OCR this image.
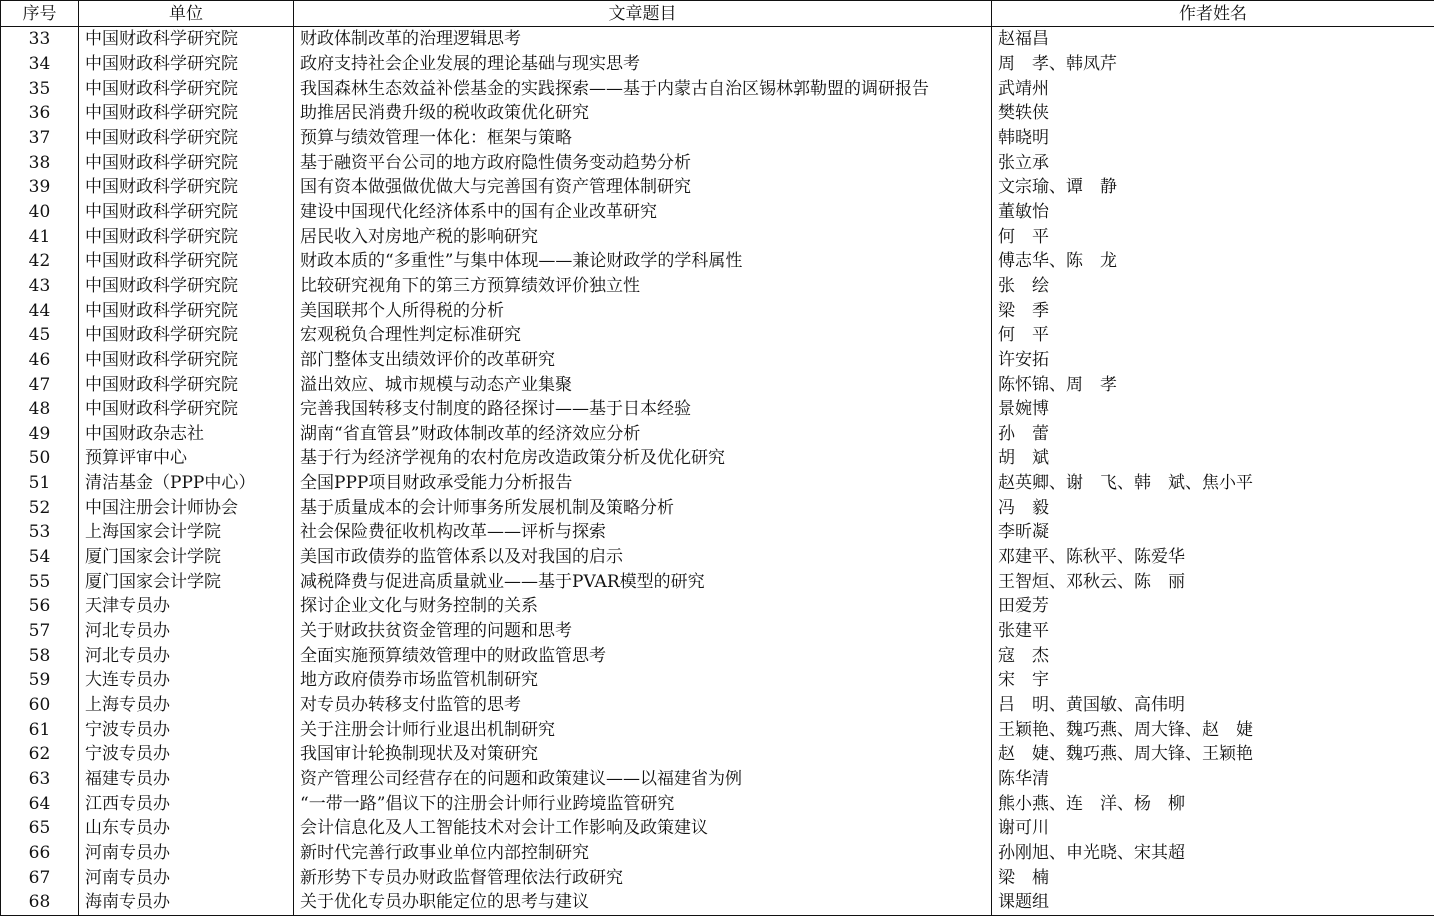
序号	单位	文章题目	作者姓名
33	中国财政科学研究院	财政体制改革的治理逻辑思考	赵福昌
34	中国财政科学研究院	政府支持社会企业发展的理论基础与现实思考	周　孝、韩凤芹
35	中国财政科学研究院	我国森林生态效益补偿基金的实践探索——基于内蒙古自治区锡林郭勒盟的调研报告	武靖州
36	中国财政科学研究院	助推居民消费升级的税收政策优化研究	樊轶侠
37	中国财政科学研究院	预算与绩效管理一体化：框架与策略	韩晓明
38	中国财政科学研究院	基于融资平台公司的地方政府隐性债务变动趋势分析	张立承
39	中国财政科学研究院	国有资本做强做优做大与完善国有资产管理体制研究	文宗瑜、谭　静
40	中国财政科学研究院	建设中国现代化经济体系中的国有企业改革研究	董敏怡
41	中国财政科学研究院	居民收入对房地产税的影响研究	何　平
42	中国财政科学研究院	财政本质的“多重性”与集中体现——兼论财政学的学科属性	傅志华、陈　龙
43	中国财政科学研究院	比较研究视角下的第三方预算绩效评价独立性	张　绘
44	中国财政科学研究院	美国联邦个人所得税的分析	梁　季
45	中国财政科学研究院	宏观税负合理性判定标准研究	何　平
46	中国财政科学研究院	部门整体支出绩效评价的改革研究	许安拓
47	中国财政科学研究院	溢出效应、城市规模与动态产业集聚	陈怀锦、周　孝
48	中国财政科学研究院	完善我国转移支付制度的路径探讨——基于日本经验	景婉博
49	中国财政杂志社	湖南“省直管县”财政体制改革的经济效应分析	孙　蕾
50	预算评审中心	基于行为经济学视角的农村危房改造政策分析及优化研究	胡　斌
51	清洁基金（PPP中心）	全国PPP项目财政承受能力分析报告	赵英卿、谢　飞、韩　斌、焦小平
52	中国注册会计师协会	基于质量成本的会计师事务所发展机制及策略分析	冯　毅
53	上海国家会计学院	社会保险费征收机构改革——评析与探索	李昕凝
54	厦门国家会计学院	美国市政债券的监管体系以及对我国的启示	邓建平、陈秋平、陈爱华
55	厦门国家会计学院	减税降费与促进高质量就业——基于PVAR模型的研究	王智烜、邓秋云、陈　丽
56	天津专员办	探讨企业文化与财务控制的关系	田爱芳
57	河北专员办	关于财政扶贫资金管理的问题和思考	张建平
58	河北专员办	全面实施预算绩效管理中的财政监管思考	寇　杰
59	大连专员办	地方政府债券市场监管机制研究	宋　宇
60	上海专员办	对专员办转移支付监管的思考	吕　明、黄国敏、高伟明
61	宁波专员办	关于注册会计师行业退出机制研究	王颖艳、魏巧燕、周大锋、赵　婕
62	宁波专员办	我国审计轮换制现状及对策研究	赵　婕、魏巧燕、周大锋、王颖艳
63	福建专员办	资产管理公司经营存在的问题和政策建议——以福建省为例	陈华清
64	江西专员办	“一带一路”倡议下的注册会计师行业跨境监管研究	熊小燕、连　洋、杨　柳
65	山东专员办	会计信息化及人工智能技术对会计工作影响及政策建议	谢可川
66	河南专员办	新时代完善行政事业单位内部控制研究	孙刚旭、申光晓、宋其超
67	河南专员办	新形势下专员办财政监督管理依法行政研究	梁　楠
68	海南专员办	关于优化专员办职能定位的思考与建议	课题组
